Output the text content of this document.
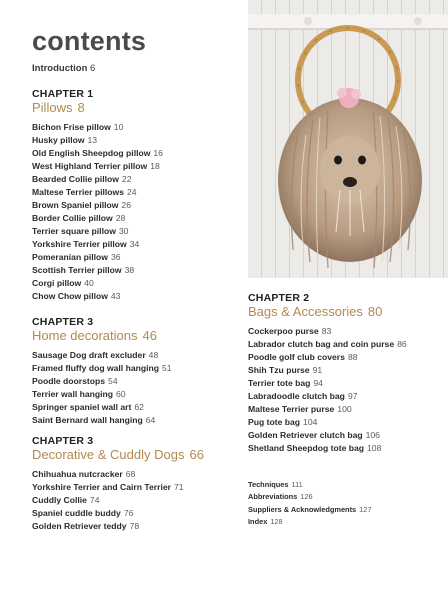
contents
Introduction 6
CHAPTER 1
Pillows 8
Bichon Frise pillow 10
Husky pillow 13
Old English Sheepdog pillow 16
West Highland Terrier pillow 18
Bearded Collie pillow 22
Maltese Terrier pillows 24
Brown Spaniel pillow 26
Border Collie pillow 28
Terrier square pillow 30
Yorkshire Terrier pillow 34
Pomeranian pillow 36
Scottish Terrier pillow 38
Corgi pillow 40
Chow Chow pillow 43	CHAPTER 2
Bags & Accessories 80
Cockerpoo purse 83
Labrador clutch bag and coin purse 86
Poodle golf club covers 88
Shih Tzu purse 91
Terrier tote bag 94
Labradoodle clutch bag 97
Maltese Terrier purse 100
Pug tote bag 104
Golden Retriever clutch bag 106
Shetland Sheepdog tote bag 108
CHAPTER 3
Home decorations 46
Sausage Dog draft excluder 48
Framed fluffy dog wall hanging 51
Poodle doorstops 54
Terrier wall hanging 60
Springer spaniel wall art 62
Saint Bernard wall hanging 64
CHAPTER 3
Decorative & Cuddly Dogs 66
Chihuahua nutcracker 68
Yorkshire Terrier and Cairn Terrier 71
Cuddly Collie 74
Spaniel cuddle buddy 76
Golden Retriever teddy 78
Techniques 111
Abbreviations 126
Suppliers & Acknowledgments 127
Index 128
